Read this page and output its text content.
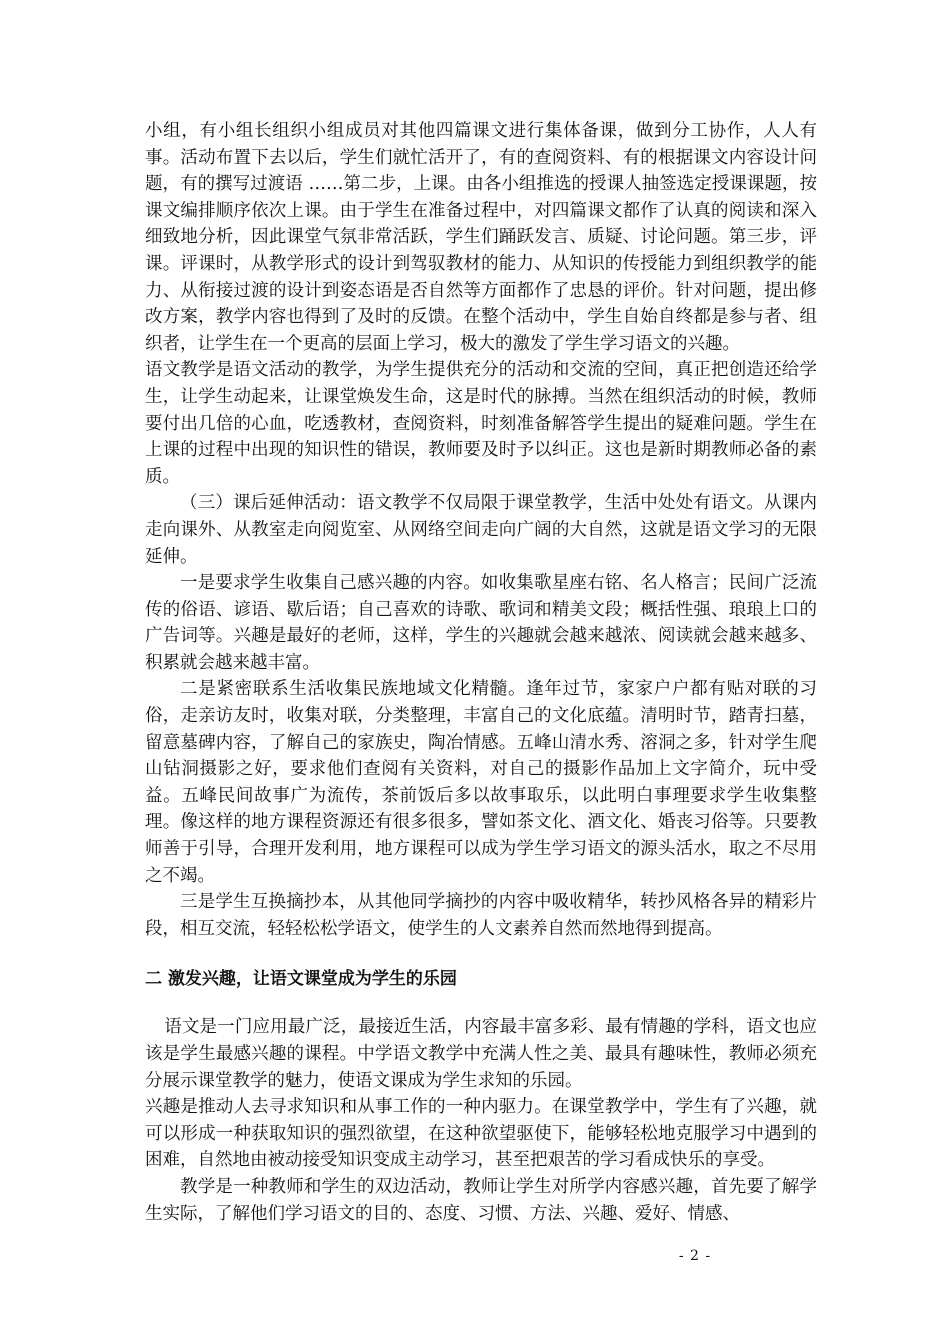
小组，有小组长组织小组成员对其他四篇课文进行集体备课，做到分工协作，人人有事。活动布置下去以后，学生们就忙活开了，有的查阅资料、有的根据课文内容设计问题，有的撰写过渡语 ……第二步，上课。由各小组推选的授课人抽签选定授课课题，按课文编排顺序依次上课。由于学生在准备过程中，对四篇课文都作了认真的阅读和深入细致地分析，因此课堂气氛非常活跃，学生们踊跃发言、质疑、讨论问题。第三步，评课。评课时，从教学形式的设计到驾驭教材的能力、从知识的传授能力到组织教学的能力、从衔接过渡的设计到姿态语是否自然等方面都作了忠恳的评价。针对问题，提出修改方案，教学内容也得到了及时的反馈。在整个活动中，学生自始自终都是参与者、组织者，让学生在一个更高的层面上学习，极大的激发了学生学习语文的兴趣。

语文教学是语文活动的教学，为学生提供充分的活动和交流的空间，真正把创造还给学生，让学生动起来，让课堂焕发生命，这是时代的脉搏。当然在组织活动的时候，教师要付出几倍的心血，吃透教材，查阅资料，时刻准备解答学生提出的疑难问题。学生在上课的过程中出现的知识性的错误，教师要及时予以纠正。这也是新时期教师必备的素质。

（三）课后延伸活动：语文教学不仅局限于课堂教学，生活中处处有语文。从课内走向课外、从教室走向阅览室、从网络空间走向广阔的大自然，这就是语文学习的无限延伸。

一是要求学生收集自己感兴趣的内容。如收集歌星座右铭、名人格言；民间广泛流传的俗语、谚语、歇后语；自己喜欢的诗歌、歌词和精美文段；概括性强、琅琅上口的广告词等。兴趣是最好的老师，这样，学生的兴趣就会越来越浓、阅读就会越来越多、积累就会越来越丰富。

二是紧密联系生活收集民族地域文化精髓。逢年过节，家家户户都有贴对联的习俗，走亲访友时，收集对联，分类整理，丰富自己的文化底蕴。清明时节，踏青扫墓，留意墓碑内容，了解自己的家族史，陶冶情感。五峰山清水秀、溶洞之多，针对学生爬山钻洞摄影之好，要求他们查阅有关资料，对自己的摄影作品加上文字简介，玩中受益。五峰民间故事广为流传，茶前饭后多以故事取乐，以此明白事理要求学生收集整理。像这样的地方课程资源还有很多很多，譬如茶文化、酒文化、婚丧习俗等。只要教师善于引导，合理开发利用，地方课程可以成为学生学习语文的源头活水，取之不尽用之不竭。

三是学生互换摘抄本，从其他同学摘抄的内容中吸收精华，转抄风格各异的精彩片段，相互交流，轻轻松松学语文，使学生的人文素养自然而然地得到提高。

二 激发兴趣，让语文课堂成为学生的乐园

语文是一门应用最广泛，最接近生活，内容最丰富多彩、最有情趣的学科，语文也应该是学生最感兴趣的课程。中学语文教学中充满人性之美、最具有趣味性，教师必须充分展示课堂教学的魅力，使语文课成为学生求知的乐园。

兴趣是推动人去寻求知识和从事工作的一种内驱力。在课堂教学中，学生有了兴趣，就可以形成一种获取知识的强烈欲望，在这种欲望驱使下，能够轻松地克服学习中遇到的困难，自然地由被动接受知识变成主动学习，甚至把艰苦的学习看成快乐的享受。

教学是一种教师和学生的双边活动，教师让学生对所学内容感兴趣，首先要了解学生实际，了解他们学习语文的目的、态度、习惯、方法、兴趣、爱好、情感、

- 2 -
